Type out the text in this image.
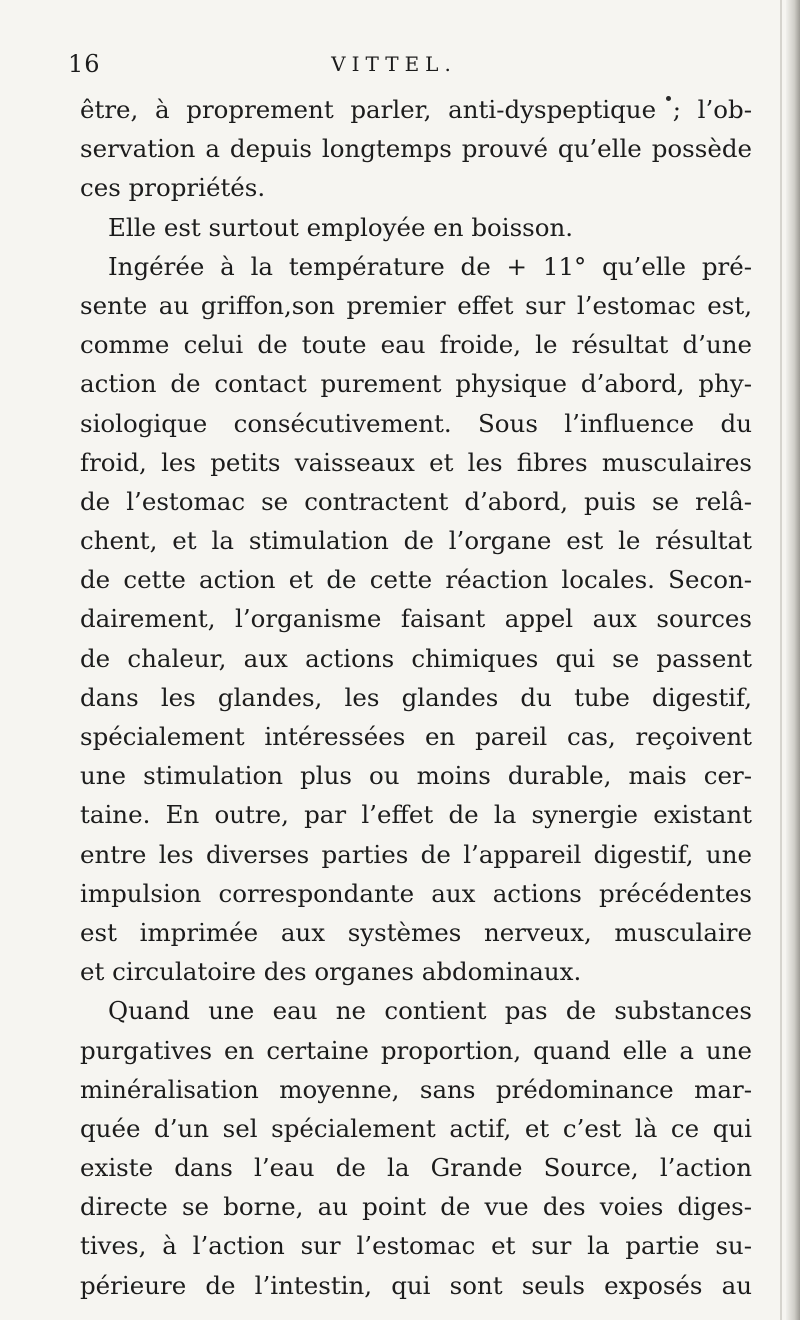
16	VITTEL.
être, à proprement parler, anti-dyspeptique ; l’ob-
servation a depuis longtemps prouvé qu’elle possède
ces propriétés.
Elle est surtout employée en boisson.
Ingérée à la température de + 11° qu’elle pré-
sente au griffon,son premier effet sur l’estomac est,
comme celui de toute eau froide, le résultat d’une
action de contact purement physique d’abord, phy-
siologique consécutivement. Sous l’influence du
froid, les petits vaisseaux et les fibres musculaires
de l’estomac se contractent d’abord, puis se relâ-
chent, et la stimulation de l’organe est le résultat
de cette action et de cette réaction locales. Secon-
dairement, l’organisme faisant appel aux sources
de chaleur, aux actions chimiques qui se passent
dans les glandes, les glandes du tube digestif,
spécialement intéressées en pareil cas, reçoivent
une stimulation plus ou moins durable, mais cer-
taine. En outre, par l’effet de la synergie existant
entre les diverses parties de l’appareil digestif, une
impulsion correspondante aux actions précédentes
est imprimée aux systèmes nerveux, musculaire
et circulatoire des organes abdominaux.
Quand une eau ne contient pas de substances
purgatives en certaine proportion, quand elle a une
minéralisation moyenne, sans prédominance mar-
quée d’un sel spécialement actif, et c’est là ce qui
existe dans l’eau de la Grande Source, l’action
directe se borne, au point de vue des voies diges-
tives, à l’action sur l’estomac et sur la partie su-
périeure de l’intestin, qui sont seuls exposés au
